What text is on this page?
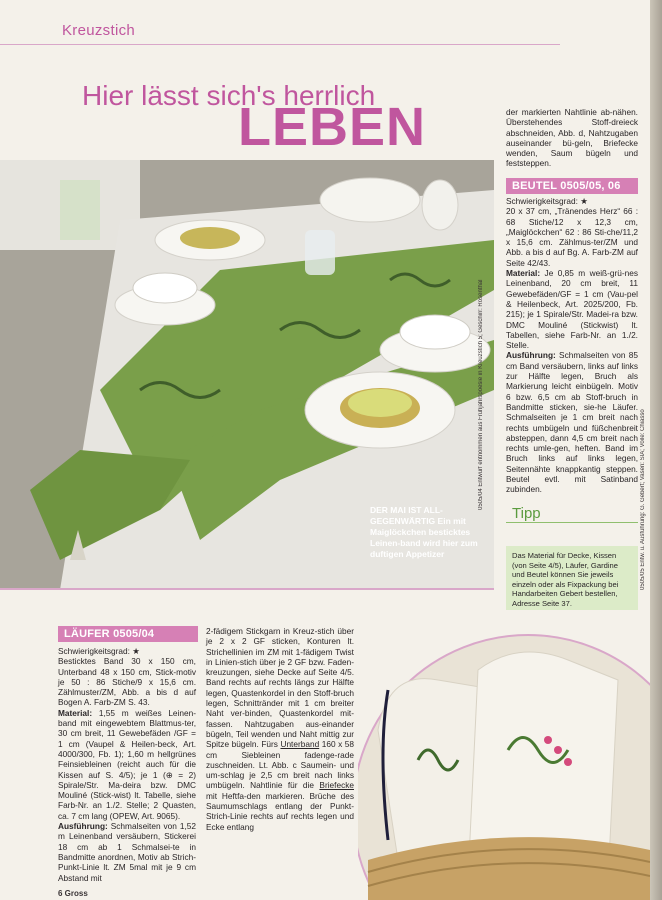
Kreuzstich
Hier lässt sich's herrlich
LEBEN
DER MAI IST ALL-GEGENWÄRTIG Ein mit Maiglöckchen besticktes Leinen-band wird hier zum duftigen Appetizer
0505/04 Entwurf entnommen aus Frühjahrspoesie in Kreuzstich 5; Geschirr: Rosenthal

der markierten Nahtlinie ab-nähen. Überstehendes Stoff-dreieck abschneiden, Abb. d, Nahtzugaben auseinander bü-geln, Briefecke wenden, Saum bügeln und feststeppen.

BEUTEL 0505/05, 06

Schwierigkeitsgrad: ★

20 x 37 cm, „Tränendes Herz“ 66 : 68 Stiche/12 x 12,3 cm, „Maiglöckchen“ 62 : 86 Sti-che/11,2 x 15,6 cm. Zählmus-ter/ZM und Abb. a bis d auf Bg. A. Farb-ZM auf Seite 42/43.

Material: Je 0,85 m weiß-grü-nes Leinenband, 20 cm breit, 11 Gewebefäden/GF = 1 cm (Vau-pel & Heilenbeck, Art. 2025/200, Fb. 215); je 1 Spirale/Str. Madei-ra bzw. DMC Mouliné (Stickwist) lt. Tabellen, siehe Farb-Nr. an 1./2. Stelle.

Ausführung: Schmalseiten von 85 cm Band versäubern, links auf links zur Hälfte legen, Bruch als Markierung leicht einbügeln. Motiv 6 bzw. 6,5 cm ab Stoff-bruch in Bandmitte sticken, sie-he Läufer. Schmalseiten je 1 cm breit nach rechts umbügeln und füßchenbreit absteppen, dann 4,5 cm breit nach rechts umle-gen, heften. Band im Bruch links auf links legen, Seitennähte knappkantig steppen. Beutel evtl. mit Satinband zubinden.

Tipp
Das Material für Decke, Kissen (von Seite 4/5), Läufer, Gardine und Beutel können Sie jeweils einzeln oder als Fixpackung bei Handarbeiten Gebert bestellen, Adresse Seite 37.
0505/05 Entw. u. Ausführung: G. Gebert; Vasen: SIA; Voile: Chiasso
LÄUFER 0505/04

Schwierigkeitsgrad: ★

Besticktes Band 30 x 150 cm, Unterband 48 x 150 cm, Stick-motiv je 50 : 86 Stiche/9 x 15,6 cm. Zählmuster/ZM, Abb. a bis d auf Bogen A. Farb-ZM S. 43.

Material: 1,55 m weißes Leinen-band mit eingewebtem Blattmus-ter, 30 cm breit, 11 Gewebefäden /GF = 1 cm (Vaupel & Heilen-beck, Art. 4000/300, Fb. 1); 1,60 m hellgrünes Feinsiebleinen (reicht auch für die Kissen auf S. 4/5); je 1 (⊕ = 2) Spirale/Str. Ma-deira bzw. DMC Mouliné (Stick-wist) lt. Tabelle, siehe Farb-Nr. an 1./2. Stelle; 2 Quasten, ca. 7 cm lang (OPEW, Art. 9065).

Ausführung: Schmalseiten von 1,52 m Leinenband versäubern, Stickerei 18 cm ab 1 Schmalsei-te in Bandmitte anordnen, Motiv ab Strich-Punkt-Linie lt. ZM 5mal mit je 9 cm Abstand mit

2-fädigem Stickgarn in Kreuz-stich über je 2 x 2 GF sticken, Konturen lt. Strichellinien im ZM mit 1-fädigem Twist in Linien-stich über je 2 GF bzw. Faden-kreuzungen, siehe Decke auf Seite 4/5. Band rechts auf rechts längs zur Hälfte legen, Quastenkordel in den Stoff-bruch legen, Schnittränder mit 1 cm breiter Naht ver-binden, Quastenkordel mit-fassen. Nahtzugaben aus-einander bügeln, Teil wenden und Naht mittig zur Spitze bügeln. Fürs Unterband 160 x 58 cm Siebleinen fadenge-rade zuschneiden. Lt. Abb. c Saumein- und um-schlag je 2,5 cm breit nach links umbügeln. Nahtlinie für die Briefecke mit Heftfa-den markieren. Brüche des Saumumschlags entlang der Punkt-Strich-Linie rechts auf rechts legen und Ecke entlang

6 Gross
